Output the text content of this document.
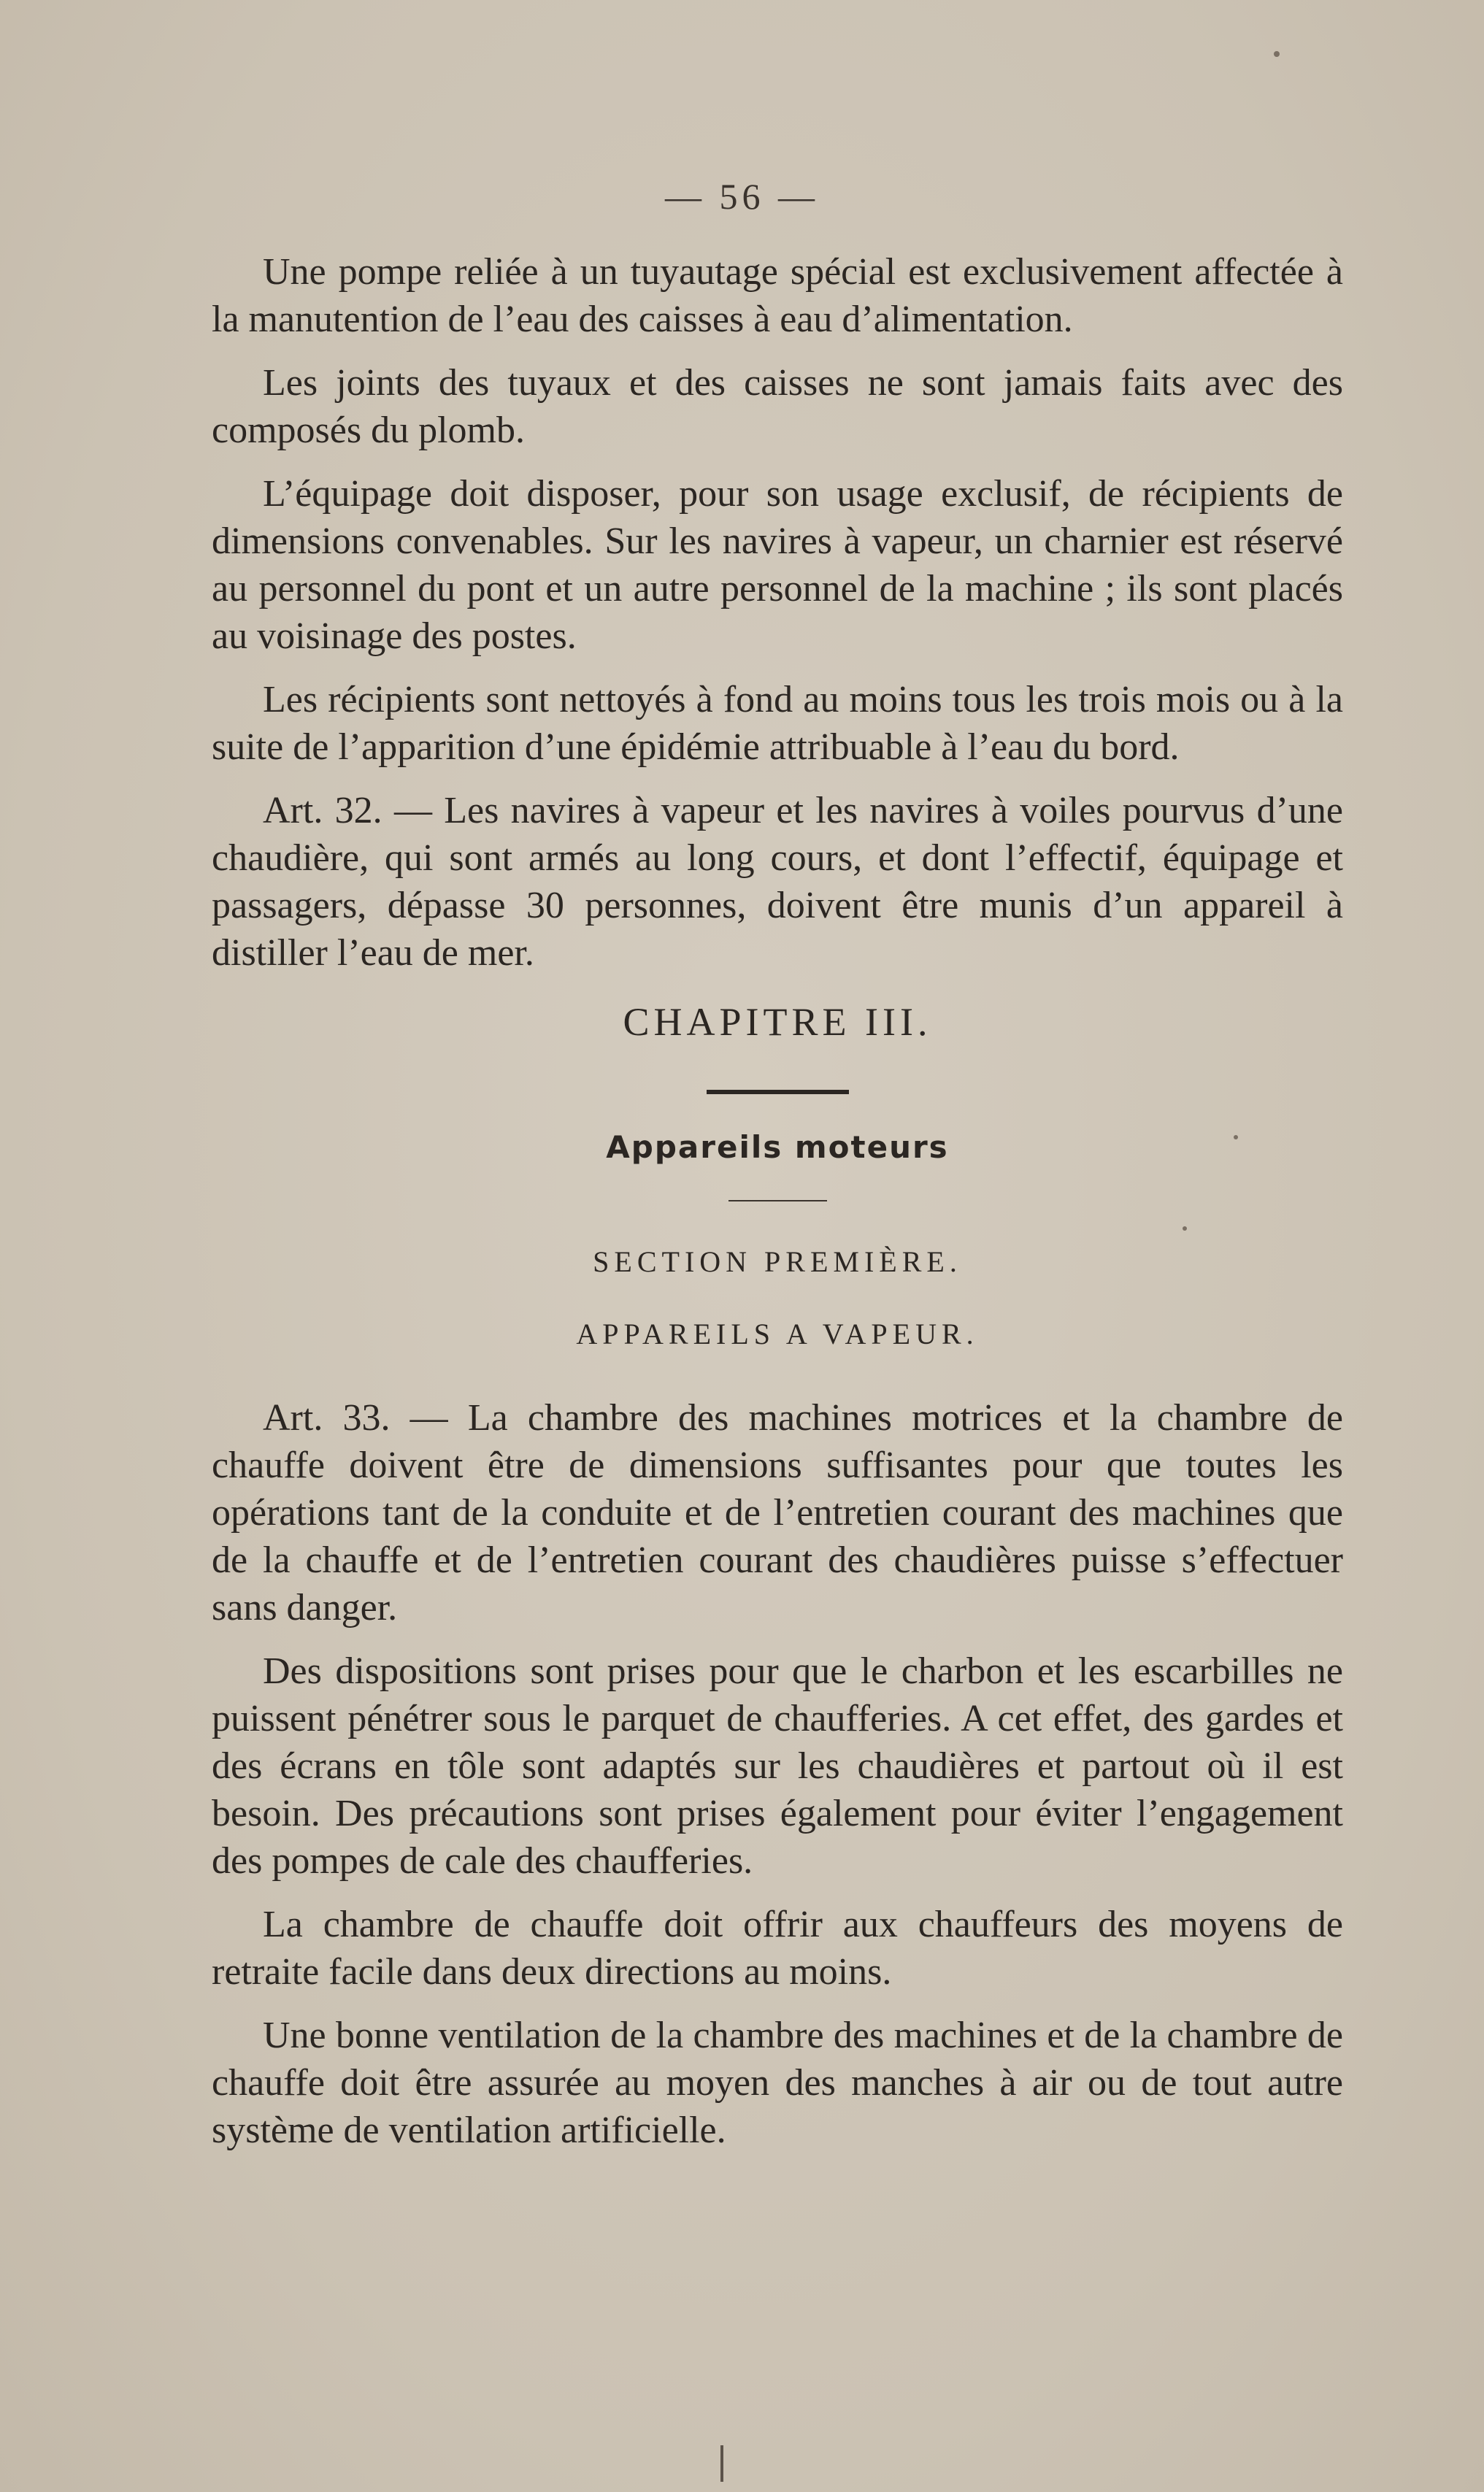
— 56 —

Une pompe reliée à un tuyautage spécial est exclusivement affectée à la manutention de l’eau des caisses à eau d’alimentation.

Les joints des tuyaux et des caisses ne sont jamais faits avec des composés du plomb.

L’équipage doit disposer, pour son usage exclusif, de récipients de dimensions convenables. Sur les navires à vapeur, un charnier est réservé au personnel du pont et un autre personnel de la machine ; ils sont placés au voisinage des postes.

Les récipients sont nettoyés à fond au moins tous les trois mois ou à la suite de l’apparition d’une épidémie attribuable à l’eau du bord.

Art. 32. — Les navires à vapeur et les navires à voiles pourvus d’une chaudière, qui sont armés au long cours, et dont l’effectif, équipage et passagers, dépasse 30 personnes, doivent être munis d’un appareil à distiller l’eau de mer.

CHAPITRE III.

Appareils moteurs

SECTION PREMIÈRE.

APPAREILS A VAPEUR.

Art. 33. — La chambre des machines motrices et la chambre de chauffe doivent être de dimensions suffisantes pour que toutes les opérations tant de la conduite et de l’entretien courant des machines que de la chauffe et de l’entretien courant des chaudières puisse s’effectuer sans danger.

Des dispositions sont prises pour que le charbon et les escarbilles ne puissent pénétrer sous le parquet de chaufferies. A cet effet, des gardes et des écrans en tôle sont adaptés sur les chaudières et partout où il est besoin. Des précautions sont prises également pour éviter l’engagement des pompes de cale des chaufferies.

La chambre de chauffe doit offrir aux chauffeurs des moyens de retraite facile dans deux directions au moins.

Une bonne ventilation de la chambre des machines et de la chambre de chauffe doit être assurée au moyen des manches à air ou de tout autre système de ventilation artificielle.
